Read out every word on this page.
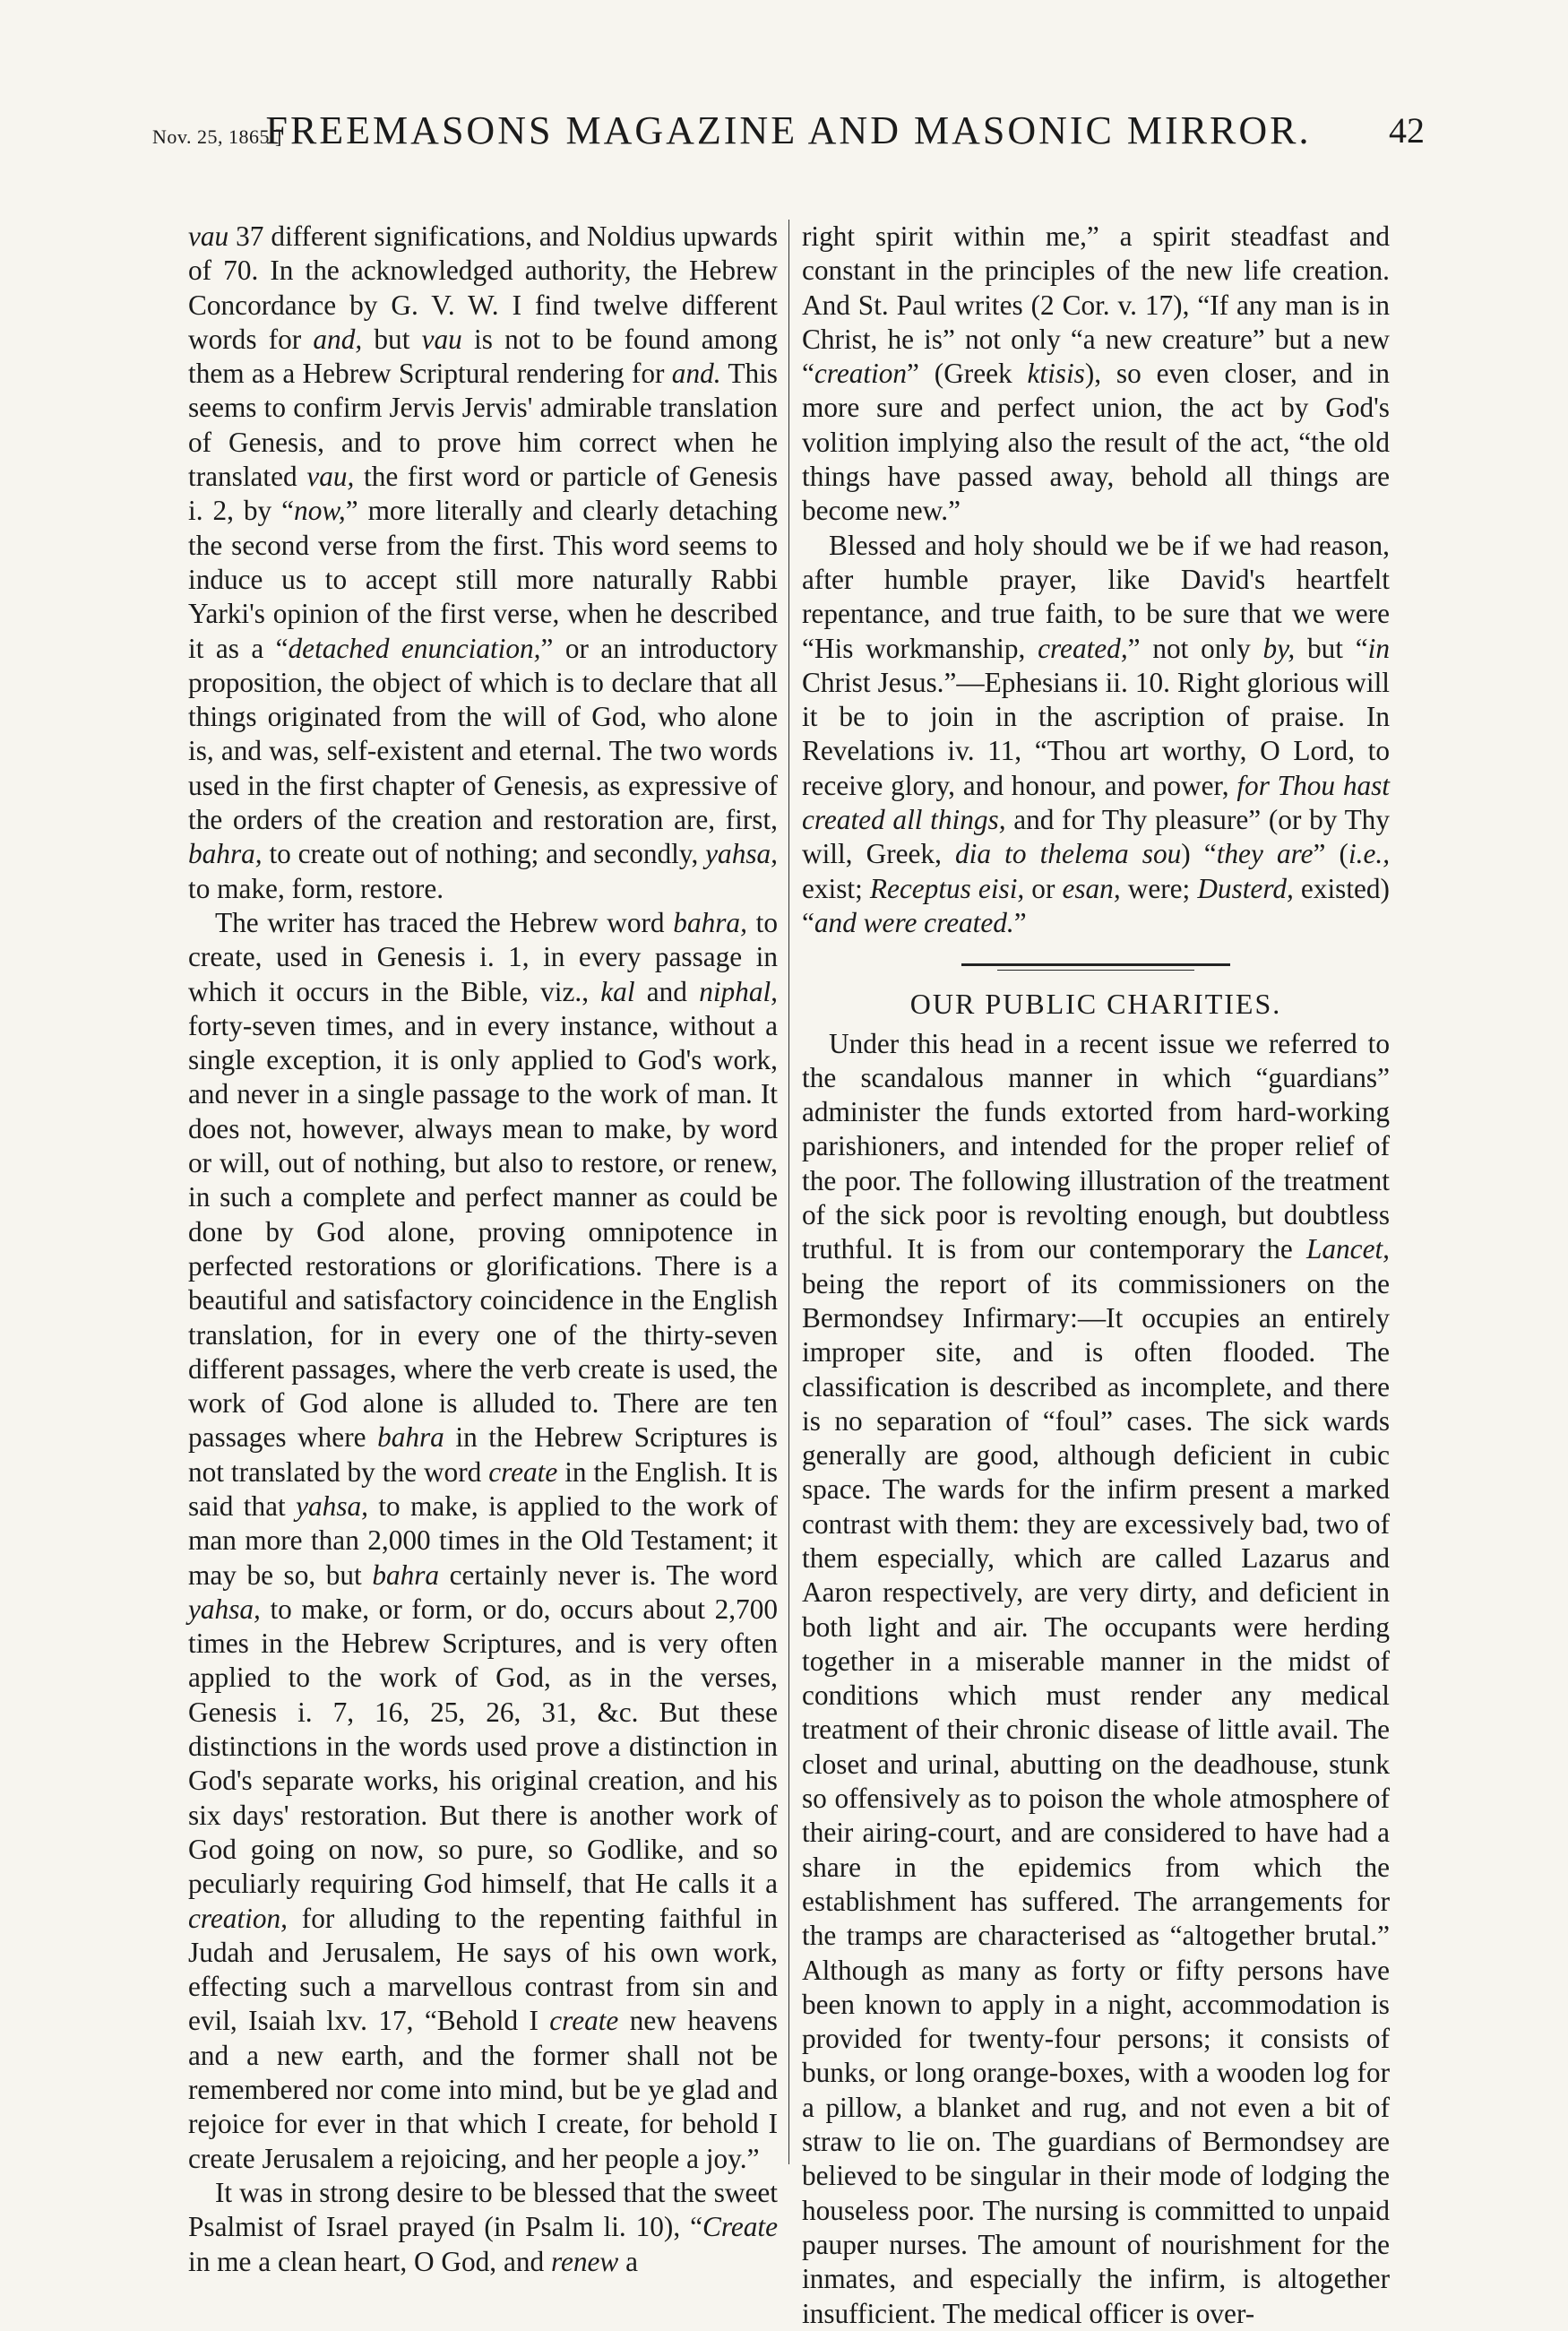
Nov. 25, 1865.]
FREEMASONS MAGAZINE AND MASONIC MIRROR.	42

vau 37 different significations, and Noldius upwards of 70. In the acknowledged authority, the Hebrew Concordance by G. V. W. I find twelve different words for and, but vau is not to be found among them as a Hebrew Scriptural rendering for and. This seems to confirm Jervis Jervis' admirable translation of Genesis, and to prove him correct when he translated vau, the first word or particle of Genesis i. 2, by “now,” more literally and clearly detaching the second verse from the first. This word seems to induce us to accept still more naturally Rabbi Yarki's opinion of the first verse, when he described it as a “detached enunciation,” or an introductory proposition, the object of which is to declare that all things originated from the will of God, who alone is, and was, self-existent and eternal. The two words used in the first chapter of Genesis, as expressive of the orders of the creation and restoration are, first, bahra, to create out of nothing; and secondly, yahsa, to make, form, restore.

The writer has traced the Hebrew word bahra, to create, used in Genesis i. 1, in every passage in which it occurs in the Bible, viz., kal and niphal, forty-seven times, and in every instance, without a single exception, it is only applied to God's work, and never in a single passage to the work of man. It does not, however, always mean to make, by word or will, out of nothing, but also to restore, or renew, in such a complete and perfect manner as could be done by God alone, proving omnipotence in perfected restorations or glorifications. There is a beautiful and satisfactory coincidence in the English translation, for in every one of the thirty-seven different passages, where the verb create is used, the work of God alone is alluded to. There are ten passages where bahra in the Hebrew Scriptures is not translated by the word create in the English. It is said that yahsa, to make, is applied to the work of man more than 2,000 times in the Old Testament; it may be so, but bahra certainly never is. The word yahsa, to make, or form, or do, occurs about 2,700 times in the Hebrew Scriptures, and is very often applied to the work of God, as in the verses, Genesis i. 7, 16, 25, 26, 31, &c. But these distinctions in the words used prove a distinction in God's separate works, his original creation, and his six days' restoration. But there is another work of God going on now, so pure, so Godlike, and so peculiarly requiring God himself, that He calls it a creation, for alluding to the repenting faithful in Judah and Jerusalem, He says of his own work, effecting such a marvellous contrast from sin and evil, Isaiah lxv. 17, “Behold I create new heavens and a new earth, and the former shall not be remembered nor come into mind, but be ye glad and rejoice for ever in that which I create, for behold I create Jerusalem a rejoicing, and her people a joy.”

It was in strong desire to be blessed that the sweet Psalmist of Israel prayed (in Psalm li. 10), “Create in me a clean heart, O God, and renew a

right spirit within me,” a spirit steadfast and constant in the principles of the new life creation. And St. Paul writes (2 Cor. v. 17), “If any man is in Christ, he is” not only “a new creature” but a new “creation” (Greek ktisis), so even closer, and in more sure and perfect union, the act by God's volition implying also the result of the act, “the old things have passed away, behold all things are become new.”

Blessed and holy should we be if we had reason, after humble prayer, like David's heartfelt repentance, and true faith, to be sure that we were “His workmanship, created,” not only by, but “in Christ Jesus.”—Ephesians ii. 10. Right glorious will it be to join in the ascription of praise. In Revelations iv. 11, “Thou art worthy, O Lord, to receive glory, and honour, and power, for Thou hast created all things, and for Thy pleasure” (or by Thy will, Greek, dia to thelema sou) “they are” (i.e., exist; Receptus eisi, or esan, were; Dusterd, existed) “and were created.”

OUR PUBLIC CHARITIES.

Under this head in a recent issue we referred to the scandalous manner in which “guardians” administer the funds extorted from hard-working parishioners, and intended for the proper relief of the poor. The following illustration of the treatment of the sick poor is revolting enough, but doubtless truthful. It is from our contemporary the Lancet, being the report of its commissioners on the Bermondsey Infirmary:—It occupies an entirely improper site, and is often flooded. The classification is described as incomplete, and there is no separation of “foul” cases. The sick wards generally are good, although deficient in cubic space. The wards for the infirm present a marked contrast with them: they are excessively bad, two of them especially, which are called Lazarus and Aaron respectively, are very dirty, and deficient in both light and air. The occupants were herding together in a miserable manner in the midst of conditions which must render any medical treatment of their chronic disease of little avail. The closet and urinal, abutting on the deadhouse, stunk so offensively as to poison the whole atmosphere of their airing-court, and are considered to have had a share in the epidemics from which the establishment has suffered. The arrangements for the tramps are characterised as “altogether brutal.” Although as many as forty or fifty persons have been known to apply in a night, accommodation is provided for twenty-four persons; it consists of bunks, or long orange-boxes, with a wooden log for a pillow, a blanket and rug, and not even a bit of straw to lie on. The guardians of Bermondsey are believed to be singular in their mode of lodging the houseless poor. The nursing is committed to unpaid pauper nurses. The amount of nourishment for the inmates, and especially the infirm, is altogether insufficient. The medical officer is over-
